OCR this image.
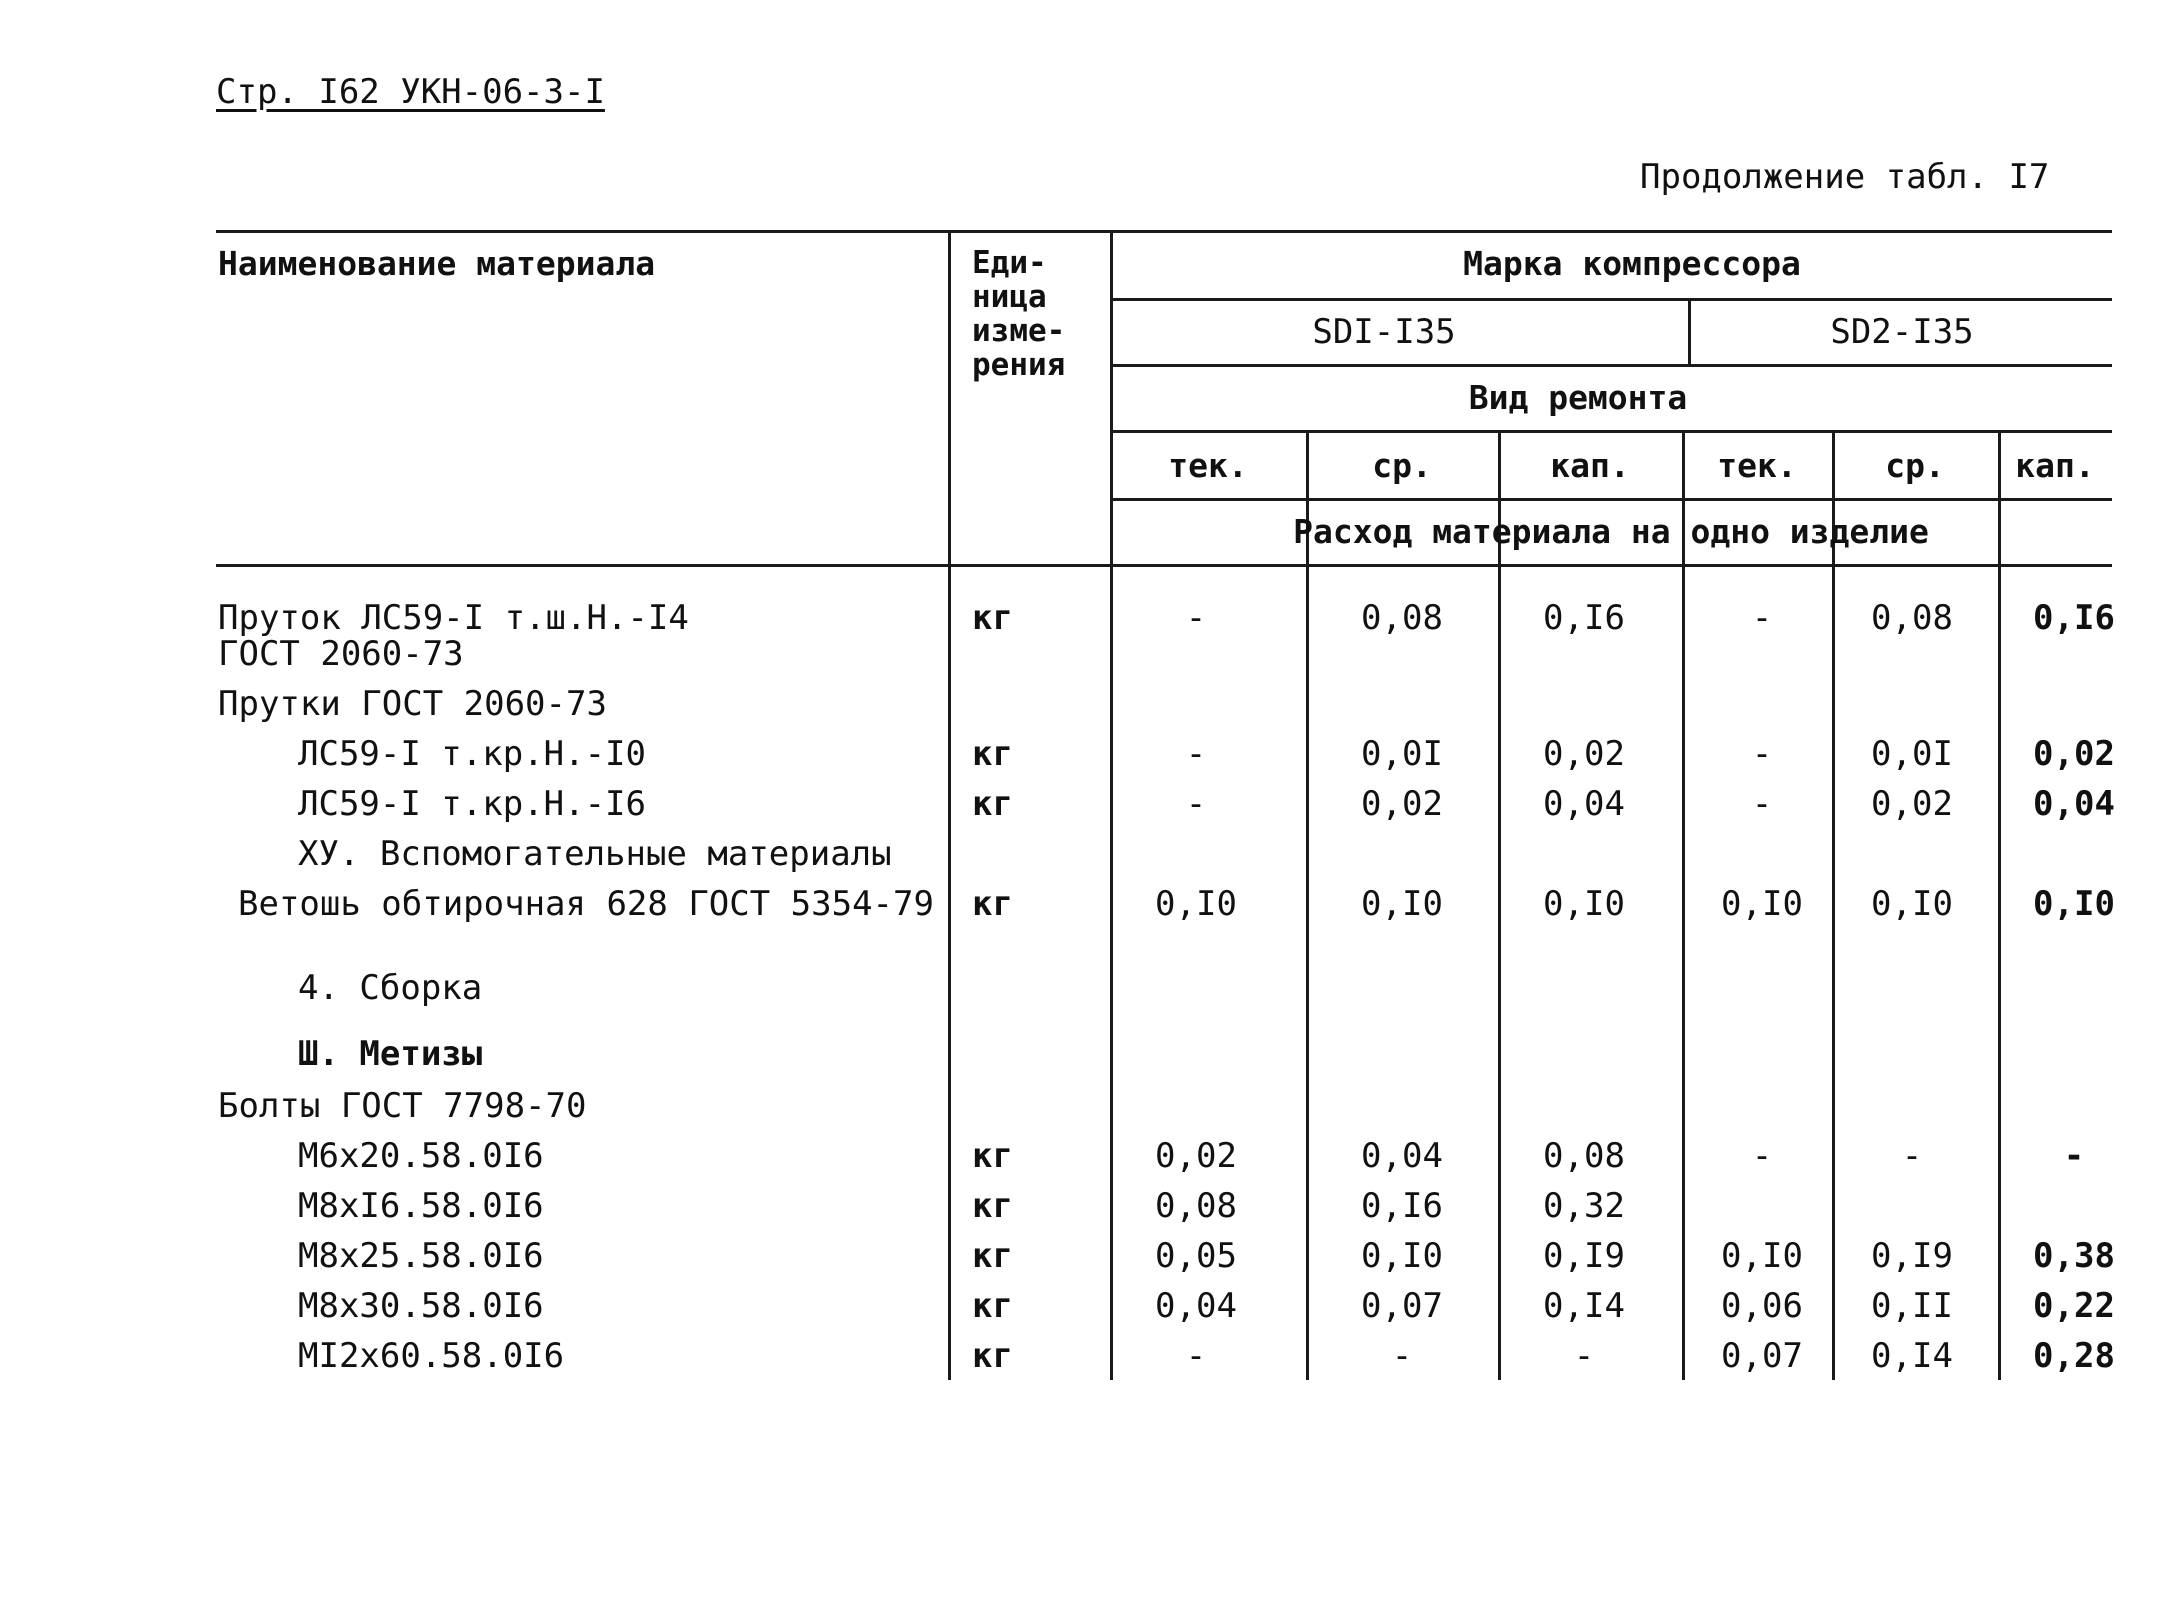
Стр. I62 УКН-06-3-I
Продолжение табл. I7
Наименование материала	Еди-
ница
изме-
рения
Марка компрессора
SDI-I35	SD2-I35
Вид ремонта
тек.	ср.	кап.	тек.	ср. кап.
Расход материала на одно изделие
Пруток ЛС59-I т.ш.Н.-I4	кг	-	0,08	0,I6	-	0,08 0,I6
ГОСТ 2060-73
Прутки ГОСТ 2060-73
ЛС59-I т.кр.Н.-I0	кг	-	0,0I	0,02	-	0,0I 0,02
ЛС59-I т.кр.Н.-I6	кг	-	0,02	0,04	-	0,02 0,04
ХУ. Вспомогательные материалы
Ветошь обтирочная 628 ГОСТ 5354-79 кг	0,I0	0,I0	0,I0	0,I0 0,I0 0,I0
4. Сборка
Ш. Метизы
Болты ГОСТ 7798-70
М6х20.58.0I6	кг	0,02	0,04	0,08	-	-	-
М8хI6.58.0I6	кг	0,08	0,I6	0,32
М8х25.58.0I6	кг	0,05	0,I0	0,I9	0,I0 0,I9 0,38
М8х30.58.0I6	кг	0,04	0,07	0,I4	0,06 0,II 0,22
МI2х60.58.0I6	кг	-	-	-	0,07 0,I4 0,28
